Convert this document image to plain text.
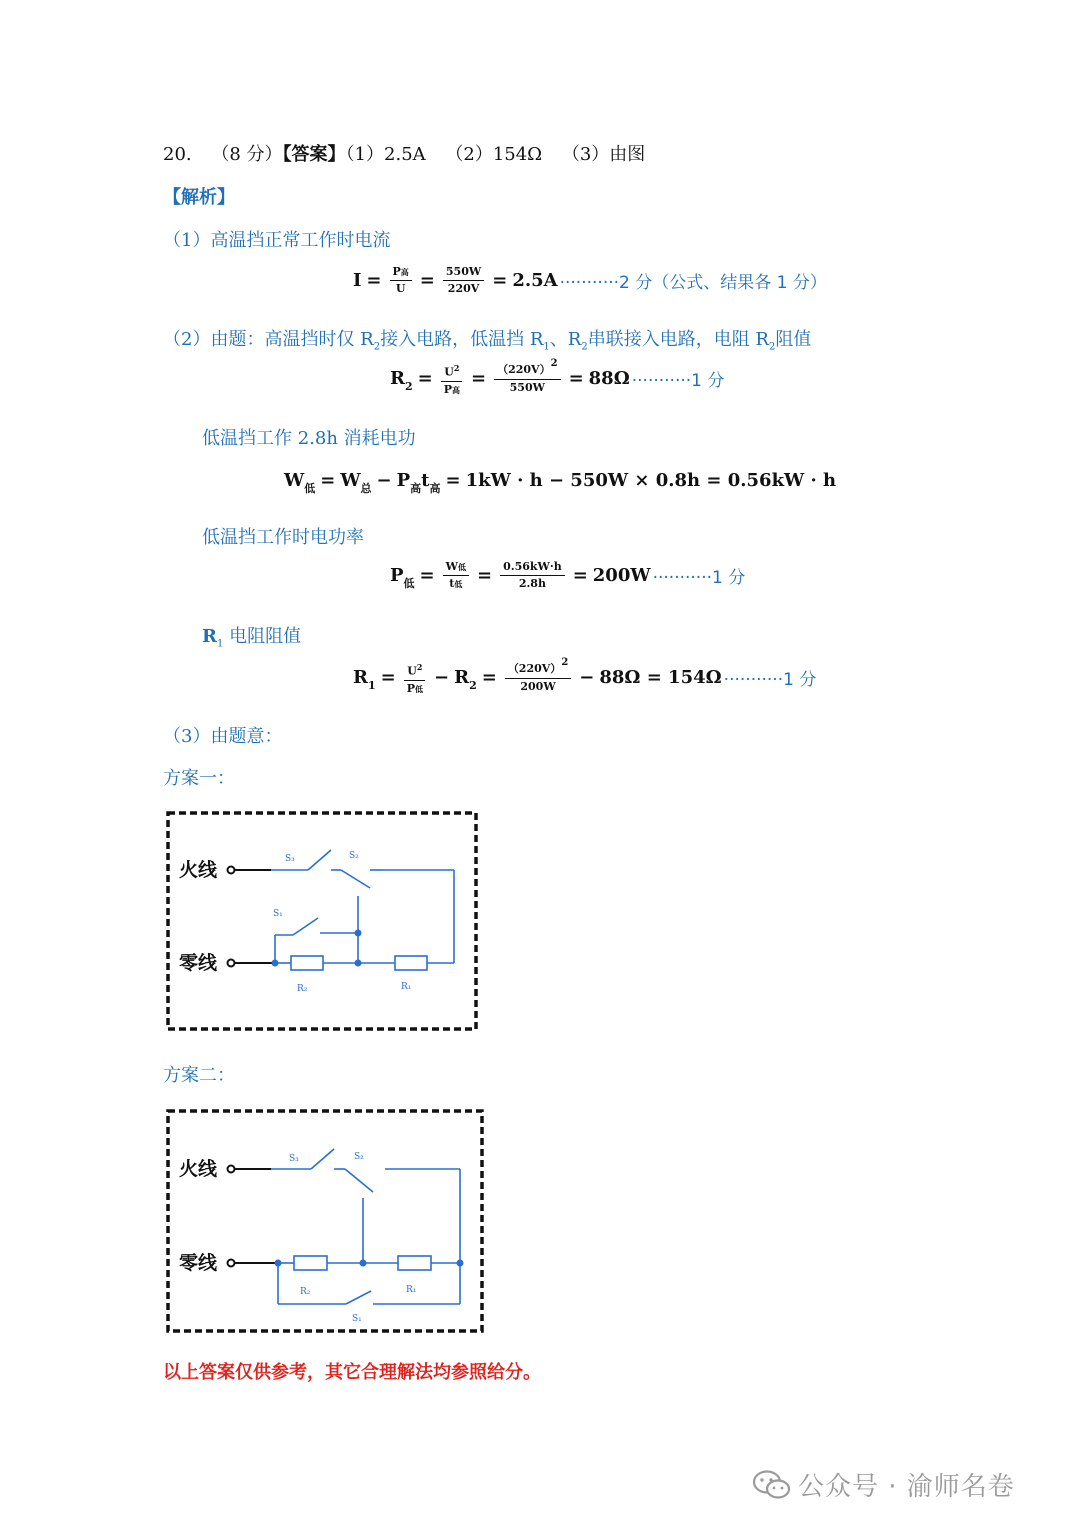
20. （8 分）【答案】（1）2.5A （2）154Ω （3）由图
【解析】
（1）高温挡正常工作时电流
$I = \frac{\text{P高}}{U} = \frac{550W}{220V} = 2.5A \cdot\cdot\cdot\cdot\cdot\cdot\cdot\cdot\cdot\cdot\cdot 2$ 分（公式、结果各 1 分）
（2）由题：高温挡时仅 $R_2$接入电路，低温挡 $R_1$、$R_2$串联接入电路，电阻 $R_2$阻值
$R_2 = \frac{U^2}{\text{P高}} = \frac{(220V)2}{550W} = 88\Omega \cdot\cdot\cdot\cdot\cdot\cdot\cdot\cdot\cdot\cdot\cdot 1$ 分
低温挡工作 2.8h 消耗电功
$W_低 = W_总 - P_高t_高 = 1kW \cdot h - 550W \times 0.8h = 0.56kW \cdot h$
低温挡工作时电功率
$P_低 = \frac{\text{W低}}{\text{t低}} = \frac{0.56kW\cdot h}{2.8h} = 200W \cdot\cdot\cdot\cdot\cdot\cdot\cdot\cdot\cdot\cdot\cdot 1$ 分
$R_1$ 电阻阻值
$R_1 = \frac{U^2}{\text{P低}} - R_2 = \frac{(220V)2}{200W} - 88\Omega = 154\Omega \cdot\cdot\cdot\cdot\cdot\cdot\cdot\cdot\cdot\cdot\cdot 1$ 分
（3）由题意：
方案一：
火线
零线
S₃	S₂
S₁
R₂	R₁
方案二：
火线
零线
S₃	S₂
R₂	R₁
S₁
以上答案仅供参考，其它合理解法均参照给分。
公众号 · 渝师名卷
